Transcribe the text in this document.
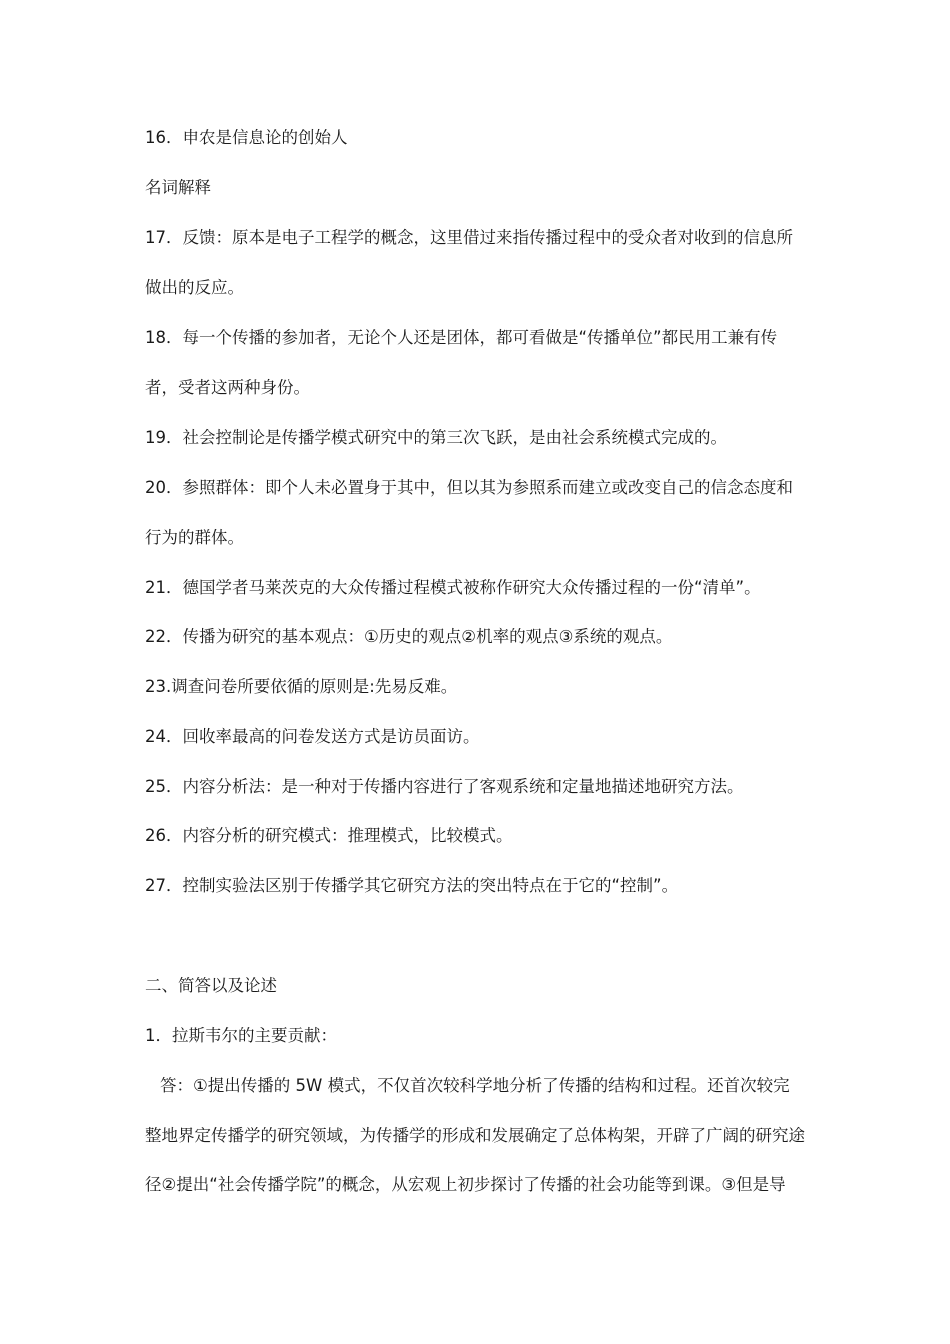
16．申农是信息论的创始人
名词解释
17．反馈：原本是电子工程学的概念，这里借过来指传播过程中的受众者对收到的信息所
做出的反应。
18．每一个传播的参加者，无论个人还是团体，都可看做是“传播单位”都民用工兼有传
者，受者这两种身份。
19．社会控制论是传播学模式研究中的第三次飞跃，是由社会系统模式完成的。
20．参照群体：即个人未必置身于其中，但以其为参照系而建立或改变自己的信念态度和
行为的群体。
21．德国学者马莱茨克的大众传播过程模式被称作研究大众传播过程的一份“清单”。
22．传播为研究的基本观点：①历史的观点②机率的观点③系统的观点。
23.调查问卷所要依循的原则是:先易反难。
24．回收率最高的问卷发送方式是访员面访。
25．内容分析法：是一种对于传播内容进行了客观系统和定量地描述地研究方法。
26．内容分析的研究模式：推理模式，比较模式。
27．控制实验法区别于传播学其它研究方法的突出特点在于它的“控制”。
二、简答以及论述
1．拉斯韦尔的主要贡献：
答：①提出传播的 5W 模式，不仅首次较科学地分析了传播的结构和过程。还首次较完
整地界定传播学的研究领域，为传播学的形成和发展确定了总体构架，开辟了广阔的研究途
径②提出“社会传播学院”的概念，从宏观上初步探讨了传播的社会功能等到课。③但是导
